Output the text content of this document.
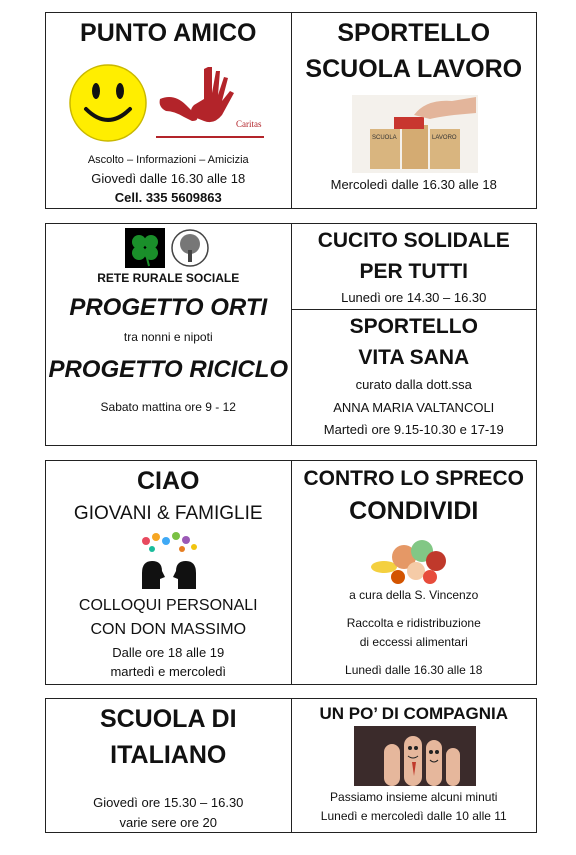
PUNTO AMICO
Caritas
Ascolto – Informazioni – Amicizia
Giovedì dalle 16.30 alle 18
Cell. 335 5609863
SPORTELLO
SCUOLA LAVORO
SCUOLA	LAVORO
Mercoledì dalle 16.30 alle 18
RETE RURALE SOCIALE
PROGETTO ORTI
tra nonni e nipoti
PROGETTO RICICLO
Sabato mattina ore 9 - 12
CUCITO SOLIDALE
PER TUTTI
Lunedì ore 14.30 – 16.30
SPORTELLO
VITA SANA
curato dalla dott.ssa
ANNA MARIA VALTANCOLI
Martedì ore 9.15-10.30 e 17-19
CIAO
GIOVANI & FAMIGLIE
COLLOQUI PERSONALI
CON DON MASSIMO
Dalle ore 18 alle 19
martedì e mercoledì
CONTRO LO SPRECO
CONDIVIDI
a cura della S. Vincenzo
Raccolta e ridistribuzione
di eccessi alimentari
Lunedì dalle 16.30 alle 18
SCUOLA DI
ITALIANO
Giovedì ore 15.30 – 16.30
varie sere ore 20
UN PO’ DI COMPAGNIA
Passiamo insieme alcuni minuti
Lunedì e mercoledì dalle 10 alle 11
